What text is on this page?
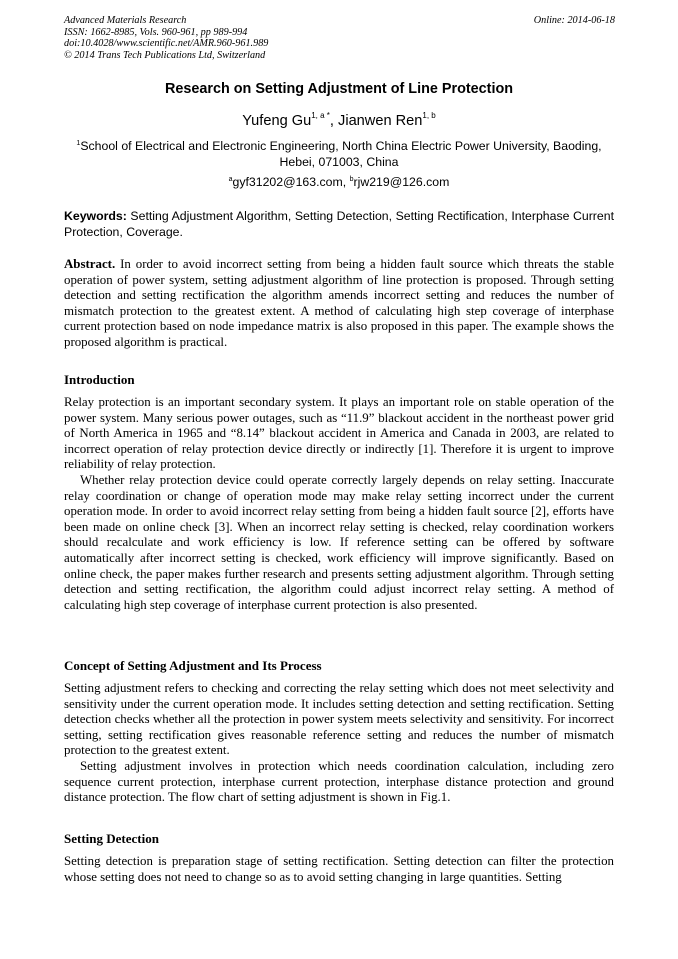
Advanced Materials Research
ISSN: 1662-8985, Vols. 960-961, pp 989-994
doi:10.4028/www.scientific.net/AMR.960-961.989
© 2014 Trans Tech Publications Ltd, Switzerland
Online: 2014-06-18
Research on Setting Adjustment of Line Protection
Yufeng $Gu^{1, a *}$, Jianwen Ren$^{1, b}$
$^1$School of Electrical and Electronic Engineering, North China Electric Power University, Baoding, Hebei, 071003, China
$^a$gyf31202@163.com, $^b$rjw219@126.com
Keywords: Setting Adjustment Algorithm, Setting Detection, Setting Rectification, Interphase Current Protection, Coverage.

Abstract. In order to avoid incorrect setting from being a hidden fault source which threats the stable operation of power system, setting adjustment algorithm of line protection is proposed. Through setting detection and setting rectification the algorithm amends incorrect setting and reduces the number of mismatch protection to the greatest extent. A method of calculating high step coverage of interphase current protection based on node impedance matrix is also proposed in this paper. The example shows the proposed algorithm is practical.

Introduction

Relay protection is an important secondary system. It plays an important role on stable operation of the power system. Many serious power outages, such as “11.9” blackout accident in the northeast power grid of North America in 1965 and “8.14” blackout accident in America and Canada in 2003, are related to incorrect operation of relay protection device directly or indirectly [1]. Therefore it is urgent to improve reliability of relay protection.

Whether relay protection device could operate correctly largely depends on relay setting. Inaccurate relay coordination or change of operation mode may make relay setting incorrect under the current operation mode. In order to avoid incorrect relay setting from being a hidden fault source [2], efforts have been made on online check [3]. When an incorrect relay setting is checked, relay coordination workers should recalculate and work efficiency is low. If reference setting can be offered by software automatically after incorrect setting is checked, work efficiency will improve significantly. Based on online check, the paper makes further research and presents setting adjustment algorithm. Through setting detection and setting rectification, the algorithm could adjust incorrect relay setting. A method of calculating high step coverage of interphase current protection is also presented.

Concept of Setting Adjustment and Its Process

Setting adjustment refers to checking and correcting the relay setting which does not meet selectivity and sensitivity under the current operation mode. It includes setting detection and setting rectification. Setting detection checks whether all the protection in power system meets selectivity and sensitivity. For incorrect setting, setting rectification gives reasonable reference setting and reduces the number of mismatch protection to the greatest extent.

Setting adjustment involves in protection which needs coordination calculation, including zero sequence current protection, interphase current protection, interphase distance protection and ground distance protection. The flow chart of setting adjustment is shown in Fig.1.

Setting Detection

Setting detection is preparation stage of setting rectification. Setting detection can filter the protection whose setting does not need to change so as to avoid setting changing in large quantities. Setting
